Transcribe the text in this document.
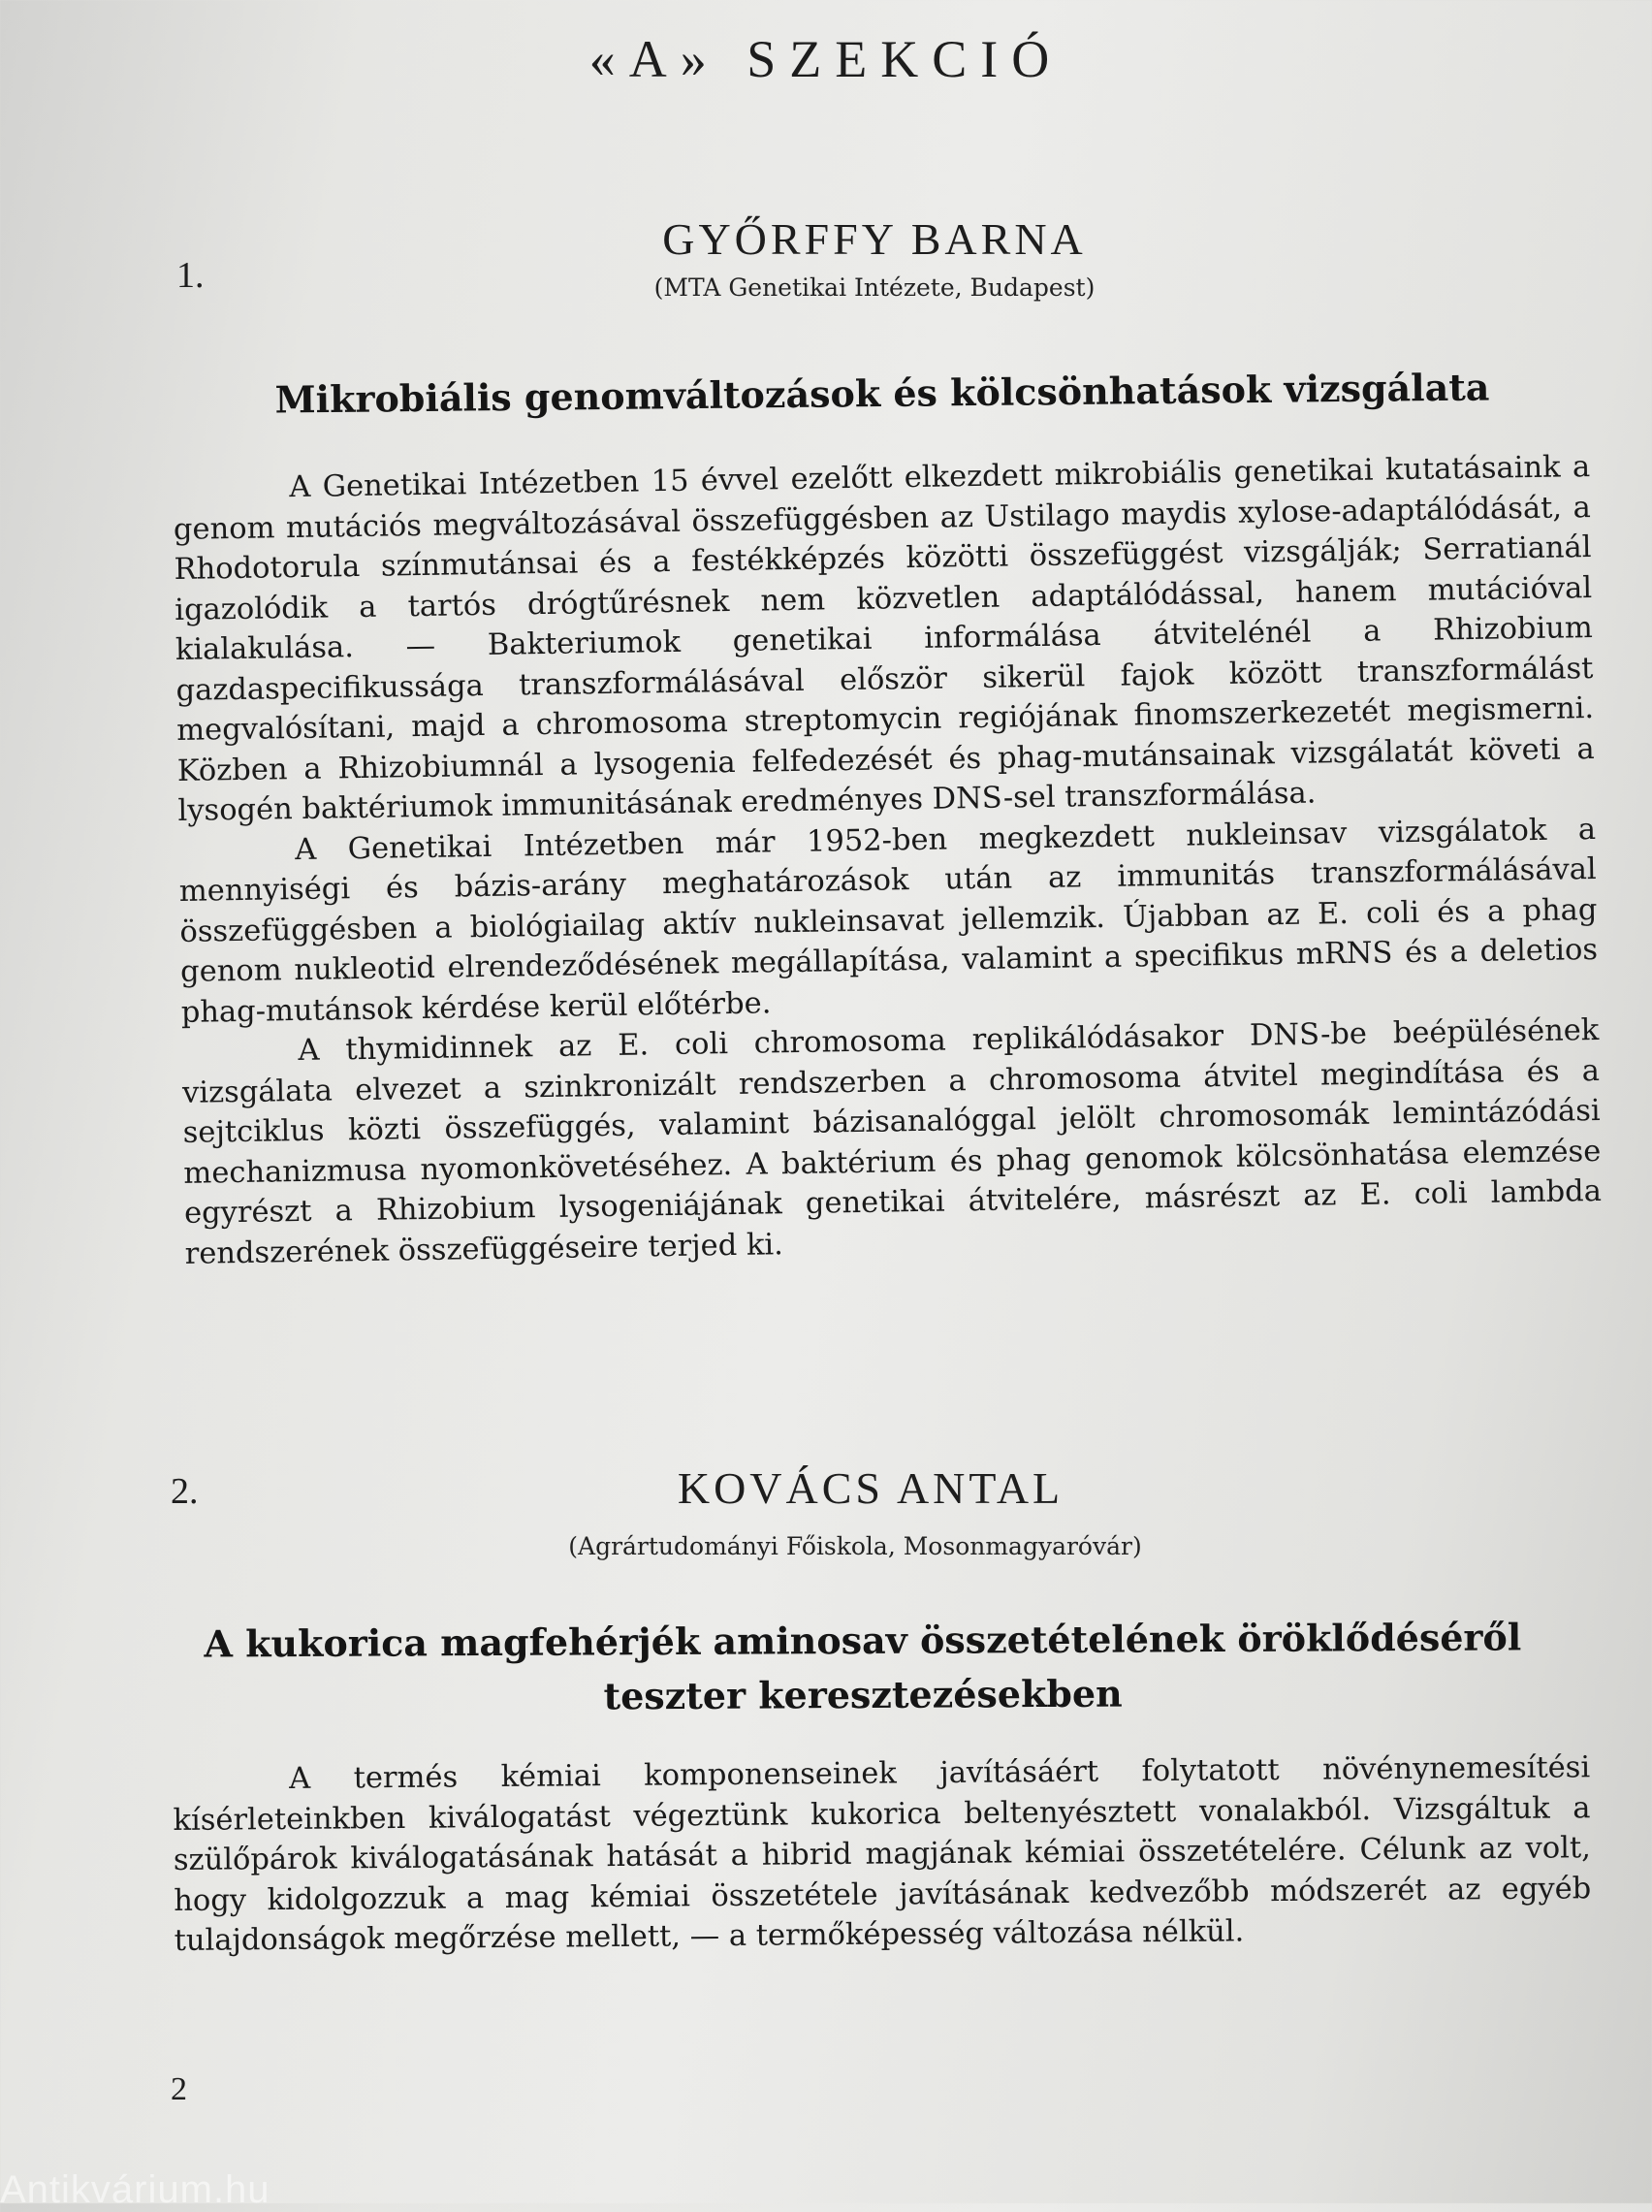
«A» SZEKCIÓ
1.
GYŐRFFY BARNA
(MTA Genetikai Intézete, Budapest)
Mikrobiális genomváltozások és kölcsönhatások vizsgálata

A Genetikai Intézetben 15 évvel ezelőtt elkezdett mikrobiális genetikai kutatásaink a genom mutációs megváltozásával összefüggésben az Ustilago maydis xylose-adaptálódását, a Rhodotorula színmutánsai és a festékképzés közötti összefüggést vizsgálják; Serratianál igazolódik a tartós drógtűrésnek nem közvetlen adaptálódással, hanem mutációval kialakulása. — Bakteriumok genetikai informálása átvitelénél a Rhizobium gazdaspecifikussága transzformálásával először sikerül fajok között transzformálást megvalósítani, majd a chromosoma streptomycin regiójának finomszerkezetét megismerni. Közben a Rhizobiumnál a lysogenia felfedezését és phag-mutánsainak vizsgálatát követi a lysogén baktériumok immunitásának eredményes DNS-sel transzformálása.

A Genetikai Intézetben már 1952-ben megkezdett nukleinsav vizsgálatok a mennyiségi és bázis-arány meghatározások után az immunitás transzformálásával összefüggésben a biológiailag aktív nukleinsavat jellemzik. Újabban az E. coli és a phag genom nukleotid elrendeződésének megállapítása, valamint a specifikus mRNS és a deletios phag-mutánsok kérdése kerül előtérbe.

A thymidinnek az E. coli chromosoma replikálódásakor DNS-be beépülésének vizsgálata elvezet a szinkronizált rendszerben a chromosoma átvitel megindítása és a sejtciklus közti összefüggés, valamint bázisanalóggal jelölt chromosomák lemintázódási mechanizmusa nyomonkövetéséhez. A baktérium és phag genomok kölcsönhatása elemzése egyrészt a Rhizobium lysogeniájának genetikai átvitelére, másrészt az E. coli lambda rendszerének összefüggéseire terjed ki.

2.	KOVÁCS ANTAL
(Agrártudományi Főiskola, Mosonmagyaróvár)
A kukorica magfehérjék aminosav összetételének öröklődéséről
teszter keresztezésekben

A termés kémiai komponenseinek javításáért folytatott növénynemesítési kísérleteinkben kiválogatást végeztünk kukorica beltenyésztett vonalakból. Vizsgáltuk a szülőpárok kiválogatásának hatását a hibrid magjának kémiai összetételére. Célunk az volt, hogy kidolgozzuk a mag kémiai összetétele javításának kedvezőbb módszerét az egyéb tulajdonságok megőrzése mellett, — a termőképesség változása nélkül.

2
Antikvárium.hu
